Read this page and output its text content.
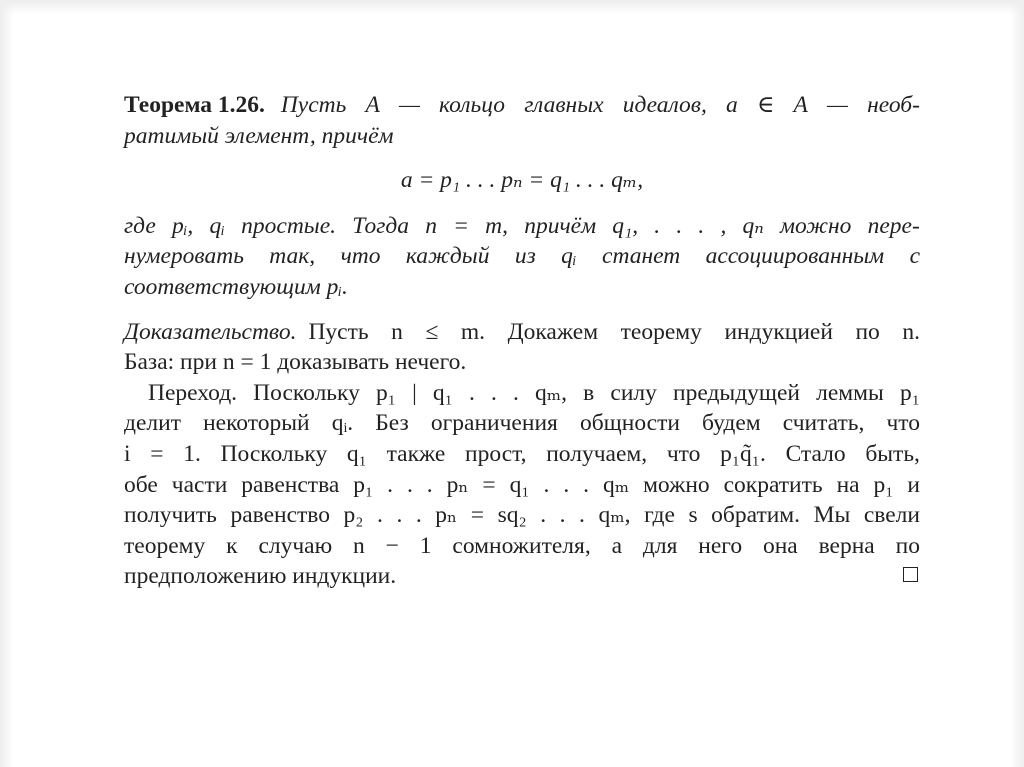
Теорема 1.26. Пусть A — кольцо главных идеалов, a ∈ A — необ-
ратимый элемент, причём
a = p₁ . . . pₙ = q₁ . . . qₘ,
где pᵢ, qᵢ простые. Тогда n = m, причём q₁, . . . , qₙ можно пере-
нумеровать так, что каждый из qᵢ станет ассоциированным с
соответствующим pᵢ.
Доказательство. Пусть n ≤ m. Докажем теорему индукцией по n.
База: при n = 1 доказывать нечего.
Переход. Поскольку p₁ | q₁ . . . qₘ, в силу предыдущей леммы p₁
делит некоторый qᵢ. Без ограничения общности будем считать, что
i = 1. Поскольку q₁ также прост, получаем, что p₁q̃₁. Стало быть,
обе части равенства p₁ . . . pₙ = q₁ . . . qₘ можно сократить на p₁ и
получить равенство p₂ . . . pₙ = sq₂ . . . qₘ, где s обратим. Мы свели
теорему к случаю n − 1 сомножителя, а для него она верна по
предположению индукции.
